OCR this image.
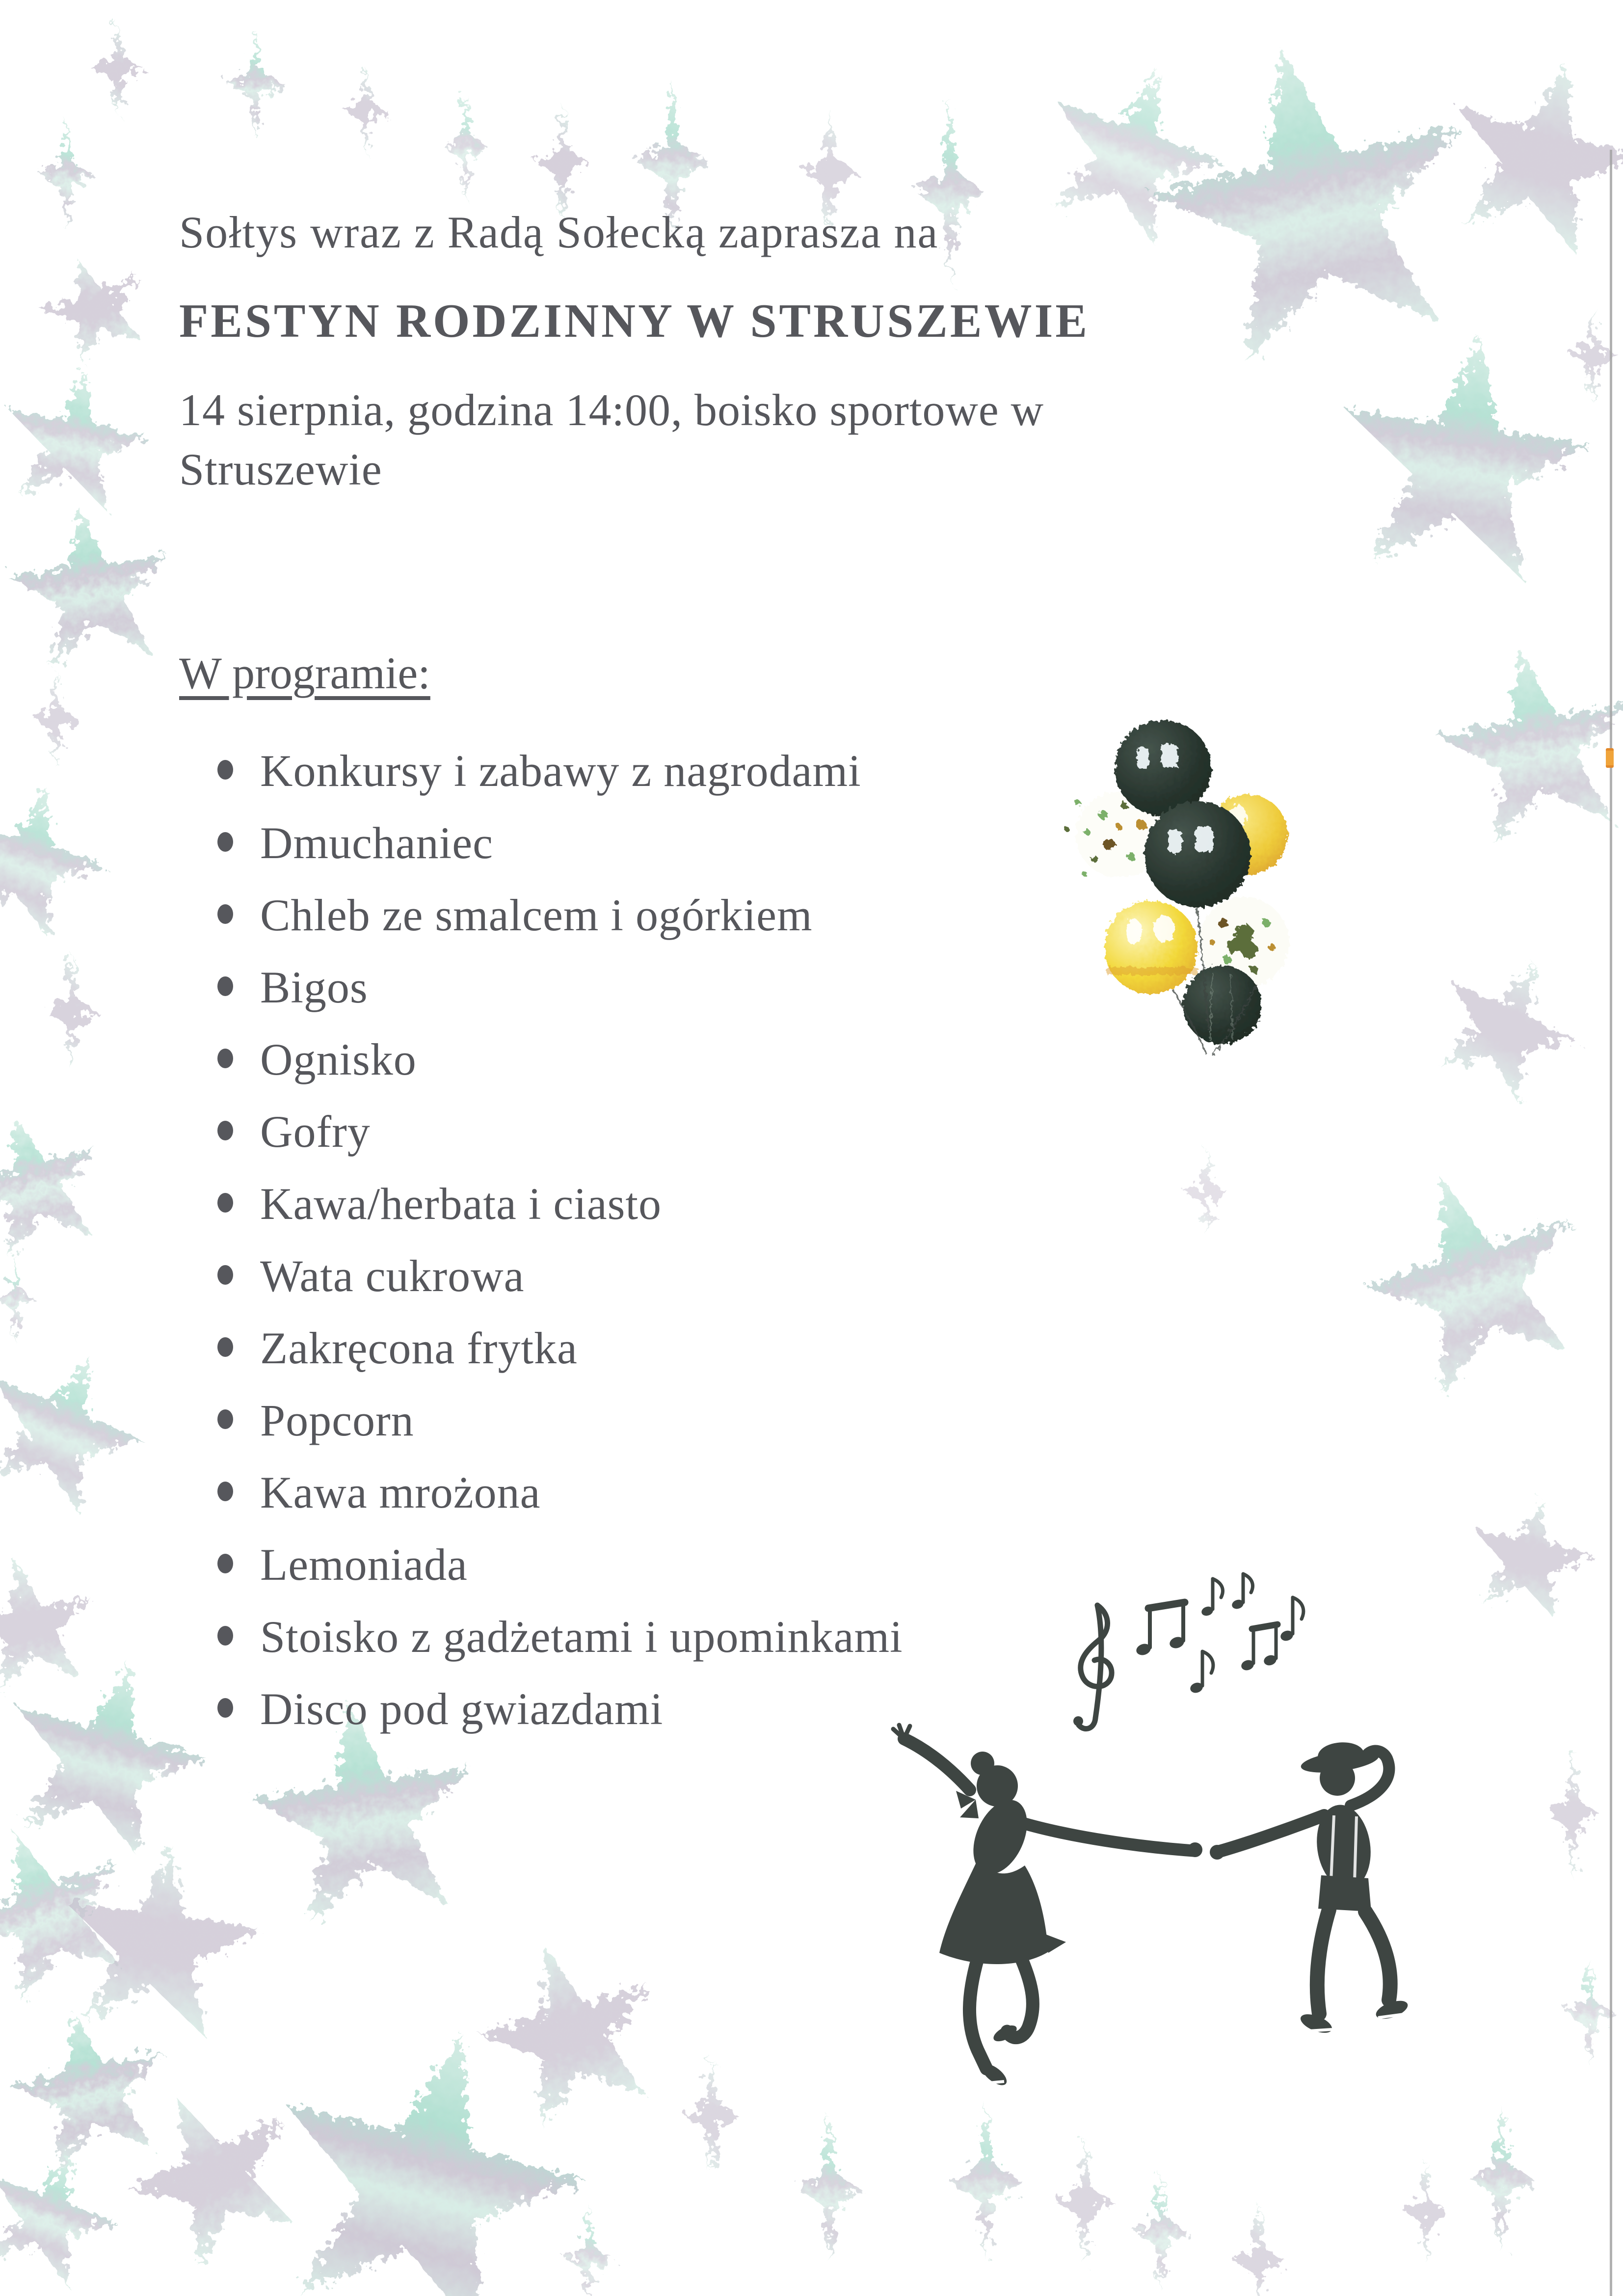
Sołtys wraz z Radą Sołecką zaprasza na

FESTYN RODZINNY W STRUSZEWIE

14 sierpnia, godzina 14:00, boisko sportowe w
Struszewie

W programie:
Konkursy i zabawy z nagrodami
Dmuchaniec
Chleb ze smalcem i ogórkiem
Bigos
Ognisko
Gofry
Kawa/herbata i ciasto
Wata cukrowa
Zakręcona frytka
Popcorn
Kawa mrożona
Lemoniada
Stoisko z gadżetami i upominkami
Disco pod gwiazdami
